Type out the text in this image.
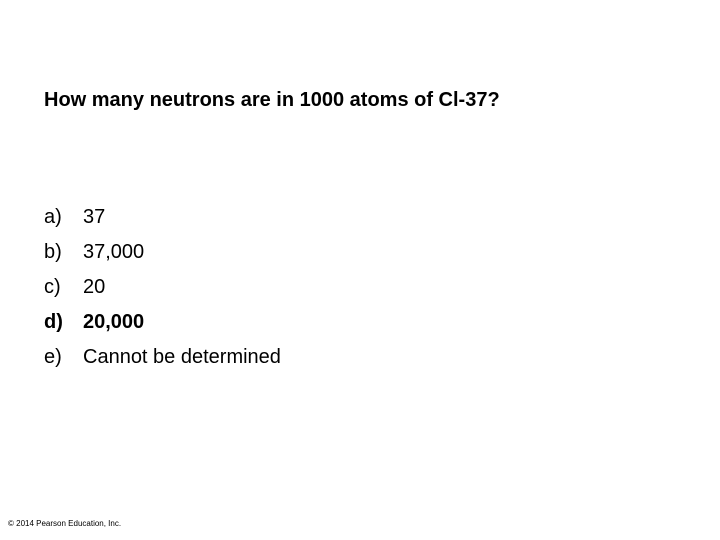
How many neutrons are in 1000 atoms of Cl-37?
a)	37
b)	37,000
c)	20
d)	20,000
e)	Cannot be determined
© 2014 Pearson Education, Inc.
